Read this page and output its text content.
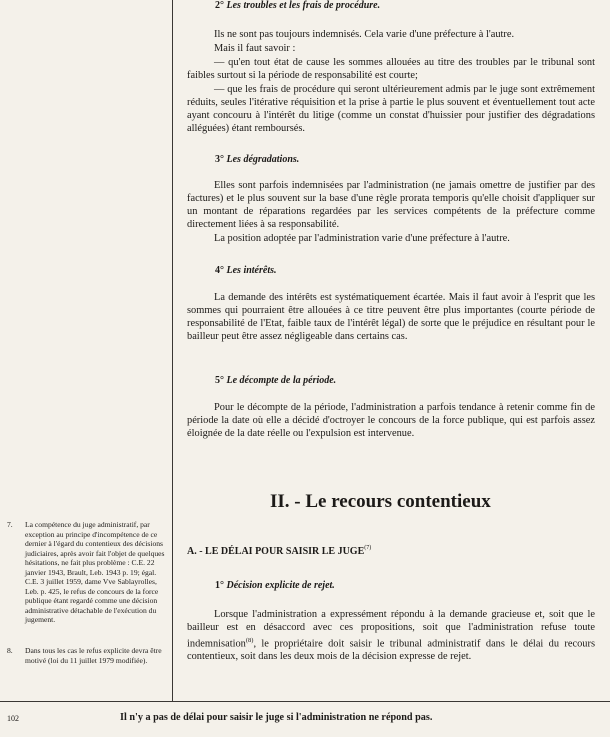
2° Les troubles et les frais de procédure.

Ils ne sont pas toujours indemnisés. Cela varie d'une préfecture à l'autre.

Mais il faut savoir :

— qu'en tout état de cause les sommes allouées au titre des troubles par le tribunal sont faibles surtout si la période de responsabilité est courte;

— que les frais de procédure qui seront ultérieurement admis par le juge sont extrêmement réduits, seules l'itérative réquisition et la prise à partie le plus souvent et éventuellement tout acte ayant concouru à l'intérêt du litige (comme un constat d'huissier pour justifier des dégradations alléguées) étant remboursés.

3° Les dégradations.

Elles sont parfois indemnisées par l'administration (ne jamais omettre de justifier par des factures) et le plus souvent sur la base d'une règle prorata temporis qu'elle choisit d'appliquer sur un montant de réparations regardées par les services compétents de la préfecture comme directement liées à sa responsabilité.

La position adoptée par l'administration varie d'une préfecture à l'autre.

4° Les intérêts.

La demande des intérêts est systématiquement écartée. Mais il faut avoir à l'esprit que les sommes qui pourraient être allouées à ce titre peuvent être plus importantes (courte période de responsabilité de l'Etat, faible taux de l'intérêt légal) de sorte que le préjudice en résultant pour le bailleur peut être assez négligeable dans certains cas.

5° Le décompte de la période.

Pour le décompte de la période, l'administration a parfois tendance à retenir comme fin de période la date où elle a décidé d'octroyer le concours de la force publique, qui est parfois assez éloignée de la date réelle ou l'expulsion est intervenue.

II. - Le recours contentieux
A. - LE DÉLAI POUR SAISIR LE JUGE$^{(7)}$
1° Décision explicite de rejet.

Lorsque l'administration a expressément répondu à la demande gracieuse et, soit que le bailleur est en désaccord avec ces propositions, soit que l'administration refuse toute indemnisation$^{(8)}$, le propriétaire doit saisir le tribunal administratif dans le délai du recours contentieux, soit dans les deux mois de la décision expresse de rejet.

7. La compétence du juge administratif, par exception au principe d'incompétence de ce dernier à l'égard du contentieux des décisions judiciaires, après avoir fait l'objet de quelques hésitations, ne fait plus problème : C.E. 22 janvier 1943, Brault, Leb. 1943 p. 19; égal. C.E. 3 juillet 1959, dame Vve Sablayrolles, Leb. p. 425, le refus de concours de la force publique étant regardé comme une décision administrative détachable de l'exécution du jugement.
8. Dans tous les cas le refus explicite devra être motivé (loi du 11 juillet 1979 modifiée).
102	Il n'y a pas de délai pour saisir le juge si l'administration ne répond pas.
